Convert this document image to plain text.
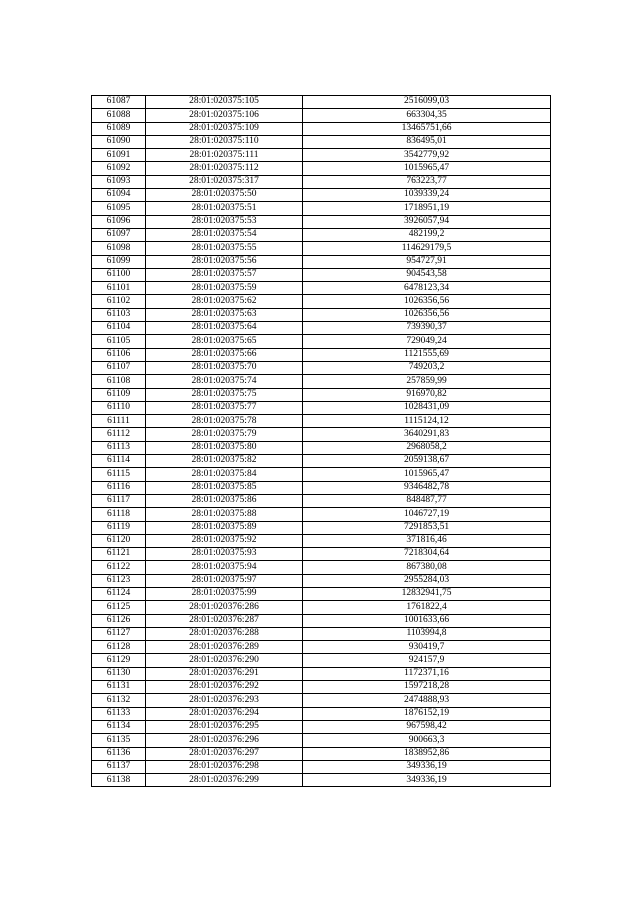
61087	28:01:020375:105	2516099,03
61088	28:01:020375:106	663304,35
61089	28:01:020375:109	13465751,66
61090	28:01:020375:110	836495,01
61091	28:01:020375:111	3542779,92
61092	28:01:020375:112	1015965,47
61093	28:01:020375:317	763223,77
61094	28:01:020375:50	1039339,24
61095	28:01:020375:51	1718951,19
61096	28:01:020375:53	3926057,94
61097	28:01:020375:54	482199,2
61098	28:01:020375:55	114629179,5
61099	28:01:020375:56	954727,91
61100	28:01:020375:57	904543,58
61101	28:01:020375:59	6478123,34
61102	28:01:020375:62	1026356,56
61103	28:01:020375:63	1026356,56
61104	28:01:020375:64	739390,37
61105	28:01:020375:65	729049,24
61106	28:01:020375:66	1121555,69
61107	28:01:020375:70	749203,2
61108	28:01:020375:74	257859,99
61109	28:01:020375:75	916970,82
61110	28:01:020375:77	1028431,09
61111	28:01:020375:78	1115124,12
61112	28:01:020375:79	3640291,83
61113	28:01:020375:80	2968058,2
61114	28:01:020375:82	2059138,67
61115	28:01:020375:84	1015965,47
61116	28:01:020375:85	9346482,78
61117	28:01:020375:86	848487,77
61118	28:01:020375:88	1046727,19
61119	28:01:020375:89	7291853,51
61120	28:01:020375:92	371816,46
61121	28:01:020375:93	7218304,64
61122	28:01:020375:94	867380,08
61123	28:01:020375:97	2955284,03
61124	28:01:020375:99	12832941,75
61125	28:01:020376:286	1761822,4
61126	28:01:020376:287	1001633,66
61127	28:01:020376:288	1103994,8
61128	28:01:020376:289	930419,7
61129	28:01:020376:290	924157,9
61130	28:01:020376:291	1172371,16
61131	28:01:020376:292	1597218,28
61132	28:01:020376:293	2474888,93
61133	28:01:020376:294	1876152,19
61134	28:01:020376:295	967598,42
61135	28:01:020376:296	900663,3
61136	28:01:020376:297	1838952,86
61137	28:01:020376:298	349336,19
61138	28:01:020376:299	349336,19
